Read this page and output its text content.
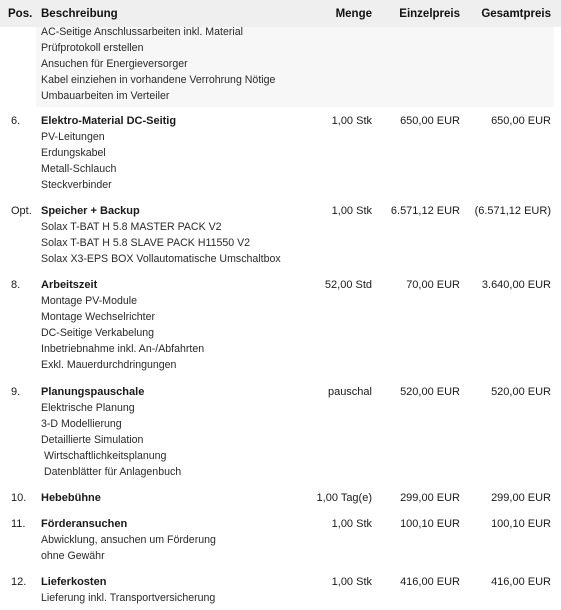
Pos. Beschreibung	Menge Einzelpreis Gesamtpreis
AC-Seitige Anschlussarbeiten inkl. Material
Prüfprotokoll erstellen
Ansuchen für Energieversorger
Kabel einziehen in vorhandene Verrohrung Nötige
Umbauarbeiten im Verteiler
6. Elektro-Material DC-Seitig	1,00 Stk	650,00 EUR	650,00 EUR
PV-Leitungen
Erdungskabel
Metall-Schlauch
Steckverbinder
Opt. Speicher + Backup	1,00 Stk 6.571,12 EUR (6.571,12 EUR)
Solax T-BAT H 5.8 MASTER PACK V2
Solax T-BAT H 5.8 SLAVE PACK H11550 V2
Solax X3-EPS BOX Vollautomatische Umschaltbox
8. Arbeitszeit	52,00 Std	70,00 EUR 3.640,00 EUR
Montage PV-Module
Montage Wechselrichter
DC-Seitige Verkabelung
Inbetriebnahme inkl. An-/Abfahrten
Exkl. Mauerdurchdringungen
9. Planungspauschale	pauschal	520,00 EUR	520,00 EUR
Elektrische Planung
3-D Modellierung
Detaillierte Simulation
Wirtschaftlichkeitsplanung
Datenblätter für Anlagenbuch
10. Hebebühne	1,00 Tag(e)	299,00 EUR	299,00 EUR
11. Förderansuchen	1,00 Stk	100,10 EUR	100,10 EUR
Abwicklung, ansuchen um Förderung
ohne Gewähr
12. Lieferkosten	1,00 Stk	416,00 EUR	416,00 EUR
Lieferung inkl. Transportversicherung
